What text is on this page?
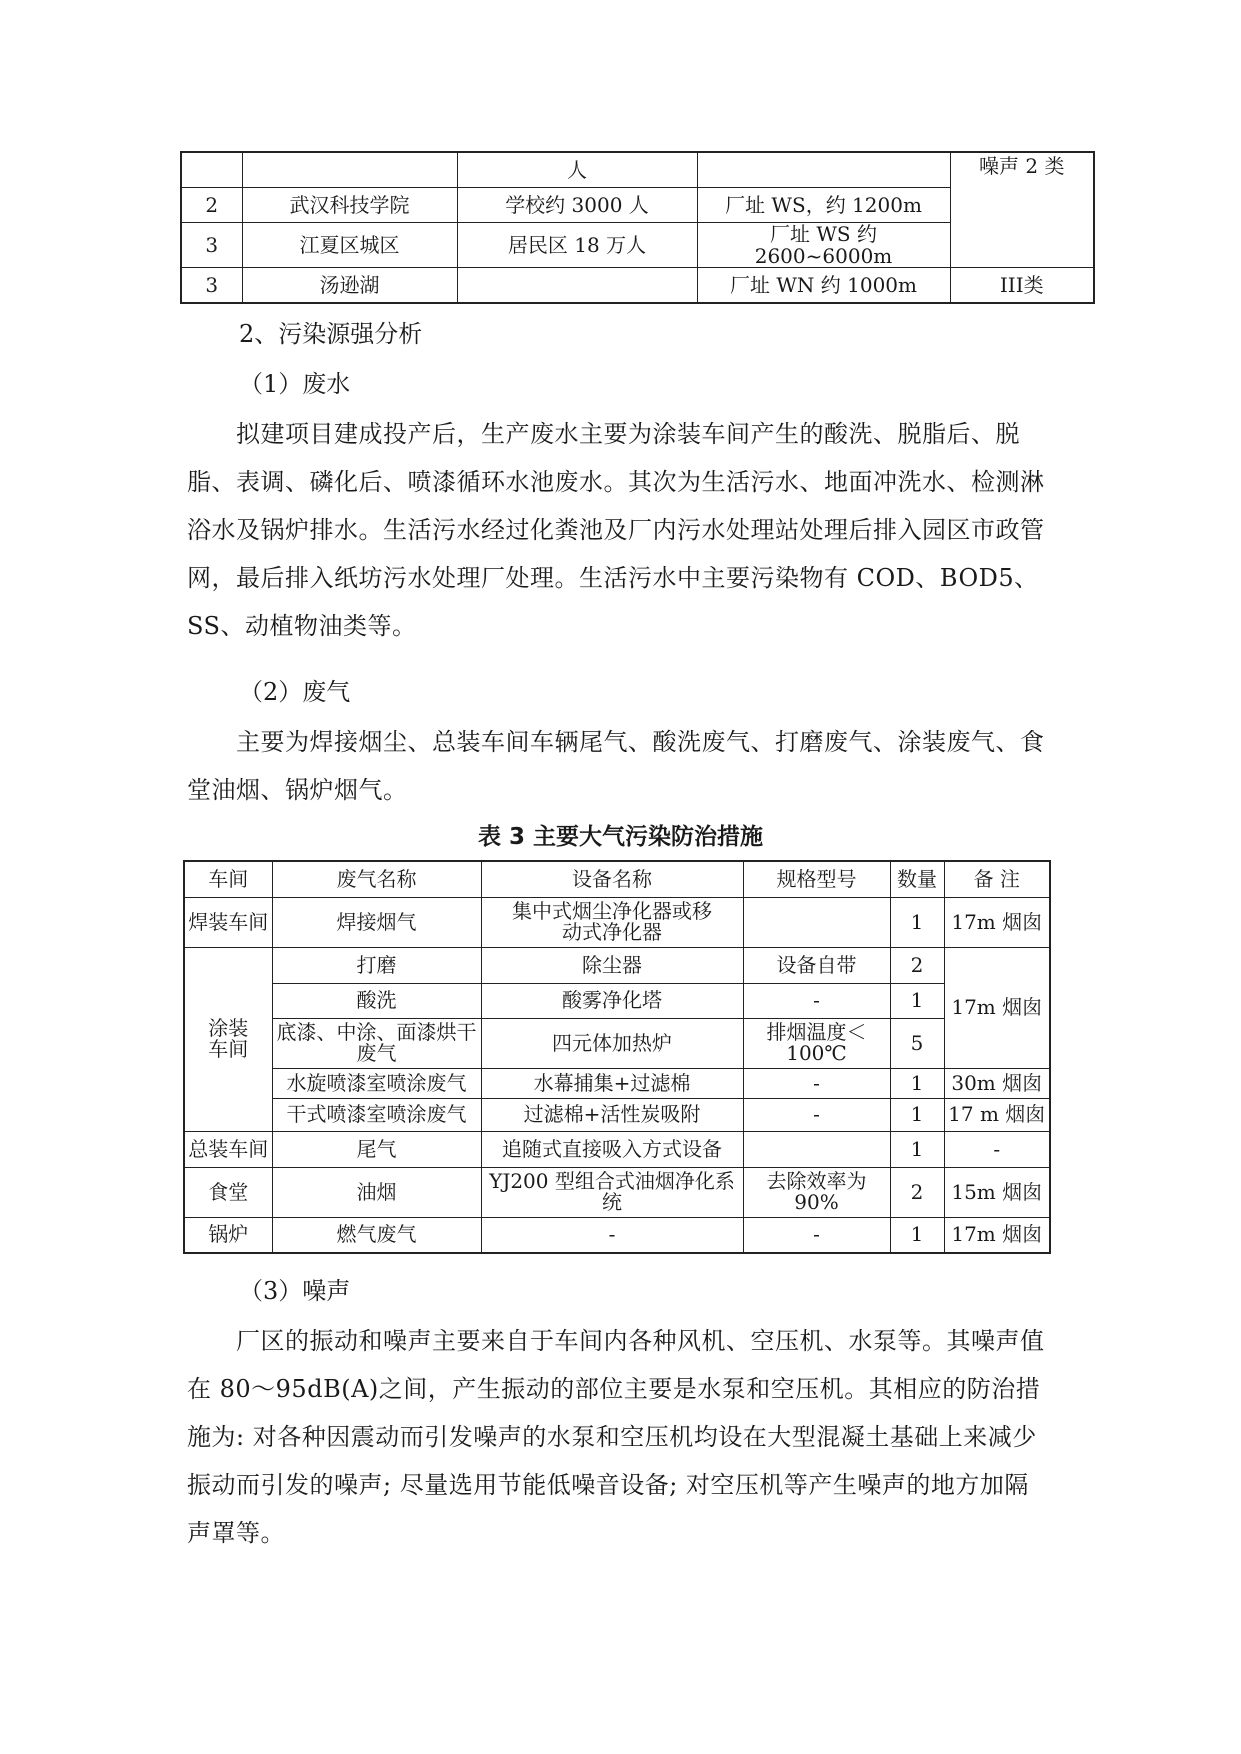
		人		噪声 2 类
2	武汉科技学院	学校约 3000 人	厂址 WS，约 1200m	
3	江夏区城区	居民区 18 万人	厂址 WS 约 2600~6000m	
3	汤逊湖		厂址 WN 约 1000m	III类

2、污染源强分析

（1）废水

拟建项目建成投产后，生产废水主要为涂装车间产生的酸洗、脱脂后、脱脂、表调、磷化后、喷漆循环水池废水。其次为生活污水、地面冲洗水、检测淋浴水及锅炉排水。生活污水经过化粪池及厂内污水处理站处理后排入园区市政管网，最后排入纸坊污水处理厂处理。生活污水中主要污染物有 COD、BOD5、SS、动植物油类等。

（2）废气

主要为焊接烟尘、总装车间车辆尾气、酸洗废气、打磨废气、涂装废气、食堂油烟、锅炉烟气。

表 3 主要大气污染防治措施

车间	废气名称	设备名称	规格型号	数量	备 注
焊装车间	焊接烟气	集中式烟尘净化器或移动式净化器		1	17m 烟囱
涂装车间	打磨	除尘器	设备自带	2	17m 烟囱
	酸洗	酸雾净化塔	-	1	
	底漆、中涂、面漆烘干废气	四元体加热炉	排烟温度＜100℃	5	
	水旋喷漆室喷涂废气	水幕捕集+过滤棉	-	1	30m 烟囱
	干式喷漆室喷涂废气	过滤棉+活性炭吸附	-	1	17 m 烟囱
总装车间	尾气	追随式直接吸入方式设备		1	-
食堂	油烟	YJ200 型组合式油烟净化系统	去除效率为 90%	2	15m 烟囱
锅炉	燃气废气	-	-	1	17m 烟囱

（3）噪声

厂区的振动和噪声主要来自于车间内各种风机、空压机、水泵等。其噪声值在 80～95dB(A)之间，产生振动的部位主要是水泵和空压机。其相应的防治措施为: 对各种因震动而引发噪声的水泵和空压机均设在大型混凝土基础上来减少振动而引发的噪声; 尽量选用节能低噪音设备; 对空压机等产生噪声的地方加隔声罩等。
